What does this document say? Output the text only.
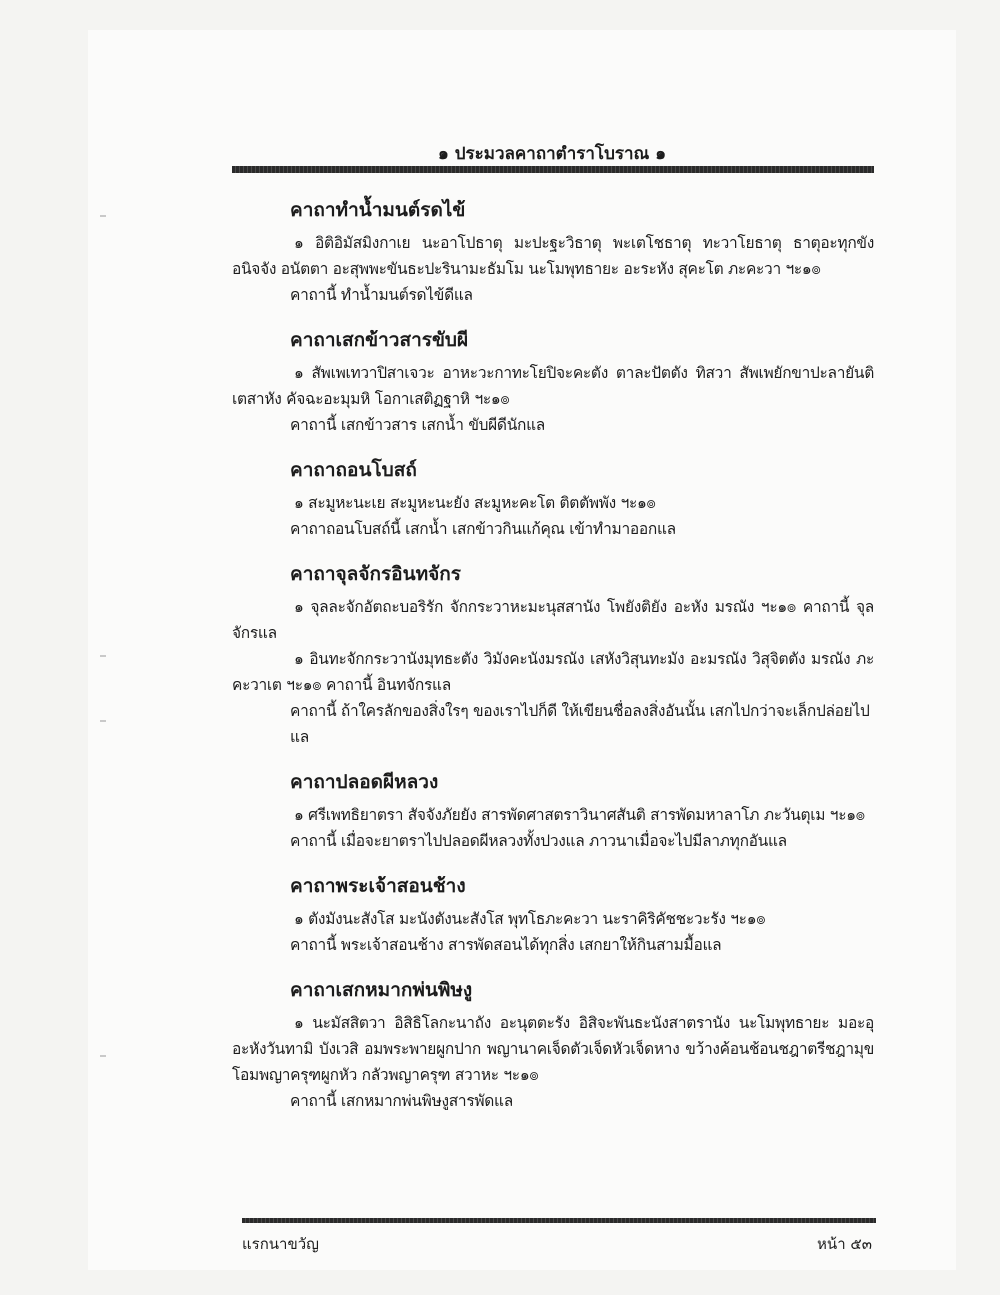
๑ ประมวลคาถาตำราโบราณ ๑
คาถาทำน้ำมนต์รดไข้

๑ อิติอิมัสมิงกาเย นะอาโปธาตุ มะปะฐะวิธาตุ พะเตโชธาตุ ทะวาโยธาตุ ธาตุอะทุกขัง อนิจจัง อนัตตา อะสุพพะขันธะปะรินามะธัมโม นะโมพุทธายะ อะระหัง สุคะโต ภะคะวา ฯะ๑๏

คาถานี้ ทำน้ำมนต์รดไข้ดีแล

คาถาเสกข้าวสารขับผี

๑ สัพเพเทวาปิสาเจวะ อาหะวะกาทะโยปิจะคะตัง ตาละปัตตัง ทิสวา สัพเพยักขาปะลายันติ เตสาหัง คัจฉะอะมุมหิ โอกาเสติฏฐาหิ ฯะ๑๏

คาถานี้ เสกข้าวสาร เสกน้ำ ขับผีดีนักแล

คาถาถอนโบสถ์

๑ สะมูหะนะเย สะมูหะนะยัง สะมูหะคะโต ติตตัพพัง ฯะ๑๏

คาถาถอนโบสถ์นี้ เสกน้ำ เสกข้าวกินแก้คุณ เข้าทำมาออกแล

คาถาจุลจักรอินทจักร

๑ จุลละจักอัตถะบอริรัก จักกระวาหะมะนุสสานัง โพยังติยัง อะหัง มรณัง ฯะ๑๏ คาถานี้ จุลจักรแล

๑ อินทะจักกระวานังมุทธะตัง วิมังคะนังมรณัง เสหังวิสุนทะมัง อะมรณัง วิสุจิตตัง มรณัง ภะคะวาเต ฯะ๑๏ คาถานี้ อินทจักรแล

คาถานี้ ถ้าใครลักของสิ่งใรๆ ของเราไปก็ดี ให้เขียนชื่อลงสิ่งอันนั้น เสกไปกว่าจะเล็กปล่อยไปแล

คาถาปลอดผีหลวง

๑ ศรีเพทธิยาตรา สัจจังภัยยัง สารพัดศาสตราวินาศสันติ สารพัดมหาลาโภ ภะวันตุเม ฯะ๑๏

คาถานี้ เมื่อจะยาตราไปปลอดผีหลวงทั้งปวงแล ภาวนาเมื่อจะไปมีลาภทุกอันแล

คาถาพระเจ้าสอนช้าง

๑ ตังมังนะสังโส มะนังตังนะสังโส พุทโธภะคะวา นะราคิริคัชชะวะรัง ฯะ๑๏

คาถานี้ พระเจ้าสอนช้าง สารพัดสอนได้ทุกสิ่ง เสกยาให้กินสามมื้อแล

คาถาเสกหมากพ่นพิษงู

๑ นะมัสสิตวา อิสิธิโลกะนาถัง อะนุตตะรัง อิสิจะพันธะนังสาตรานัง นะโมพุทธายะ มอะอุ อะหังวันทามิ บังเวสิ อมพระพายผูกปาก พญานาคเจ็ดตัวเจ็ดหัวเจ็ดหาง ขว้างค้อนช้อนชฎาตรีชฎามุข โอมพญาครุฑผูกหัว กลัวพญาครุฑ สวาหะ ฯะ๑๏

คาถานี้ เสกหมากพ่นพิษงูสารพัดแล

แรกนาขวัญ	หน้า ๕๓
